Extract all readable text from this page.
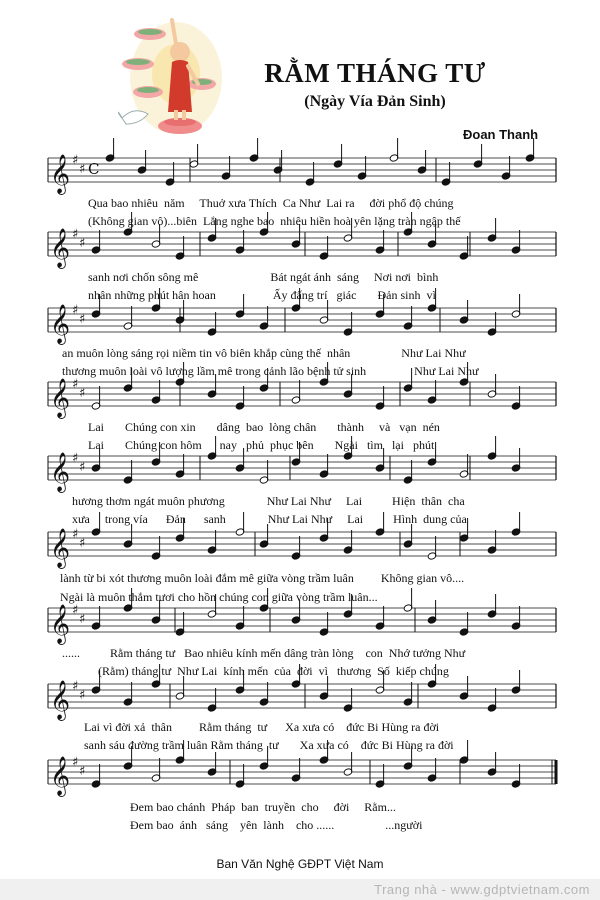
RẰM THÁNG TƯ
(Ngày Vía Đản Sinh)
Đoan Thanh
𝄞 ♯
♯ C
𝄞 ♯
♯
𝄞 ♯
♯
𝄞 ♯
♯
𝄞 ♯
♯
𝄞 ♯
♯
𝄞 ♯
♯
𝄞 ♯
♯
𝄞 ♯
♯
Qua bao nhiêu  năm     Thuở xưa Thích  Ca Như  Lai ra     đời phổ độ chúng
(Không gian vô)...biên  Lắng nghe bao  nhiêu hiền hoà yên lặng tràn ngập thế
sanh nơi chốn sông mê                        Bát ngát ánh  sáng     Nơi nơi  bình
nhân những phút hân hoan                   Ấy đấng trí   giác       Đản sinh  vì
an muôn lòng sáng rọi niềm tin vô biên khắp cùng thế  nhân                 Như Lai Như
thương muôn loài vô lượng lầm mê trong cảnh lão bệnh tử sinh                Như Lai Như
Lai       Chúng con xin       dâng  bao  lòng chân       thành     và   vạn  nén
Lai       Chúng con hôm      nay   phủ  phục bên       Ngài   tìm   lại   phút
hương thơm ngát muôn phương              Như Lai Như     Lai          Hiện  thân  cha
xưa     trong vía      Đản      sanh              Như Lai Như     Lai          Hình  dung của
lành từ bi xót thương muôn loài đắm mê giữa vòng trầm luân         Không gian vô....
Ngài là muôn thắm tươi cho hồn chúng con giữa vòng trầm luân...
......          Rằm tháng tư   Bao nhiêu kính mến dâng tràn lòng    con  Nhớ tưởng Như
(Rằm) tháng tư  Như Lai  kính mến  của  đời  vì   thương  Số  kiếp chúng
Lai vì đời xả  thân         Rằm tháng  tư      Xa xưa có    đức Bi Hùng ra đời
sanh sáu đường trầm luân Rằm tháng  tư       Xa xưa có    đức Bi Hùng ra đời
Đem bao chánh  Pháp  ban  truyền  cho     đời     Rằm...
Đem bao  ánh   sáng    yên  lành    cho ......                 ...người
Ban Văn Nghệ GĐPT Việt Nam
Trang nhà - www.gdptvietnam.com
